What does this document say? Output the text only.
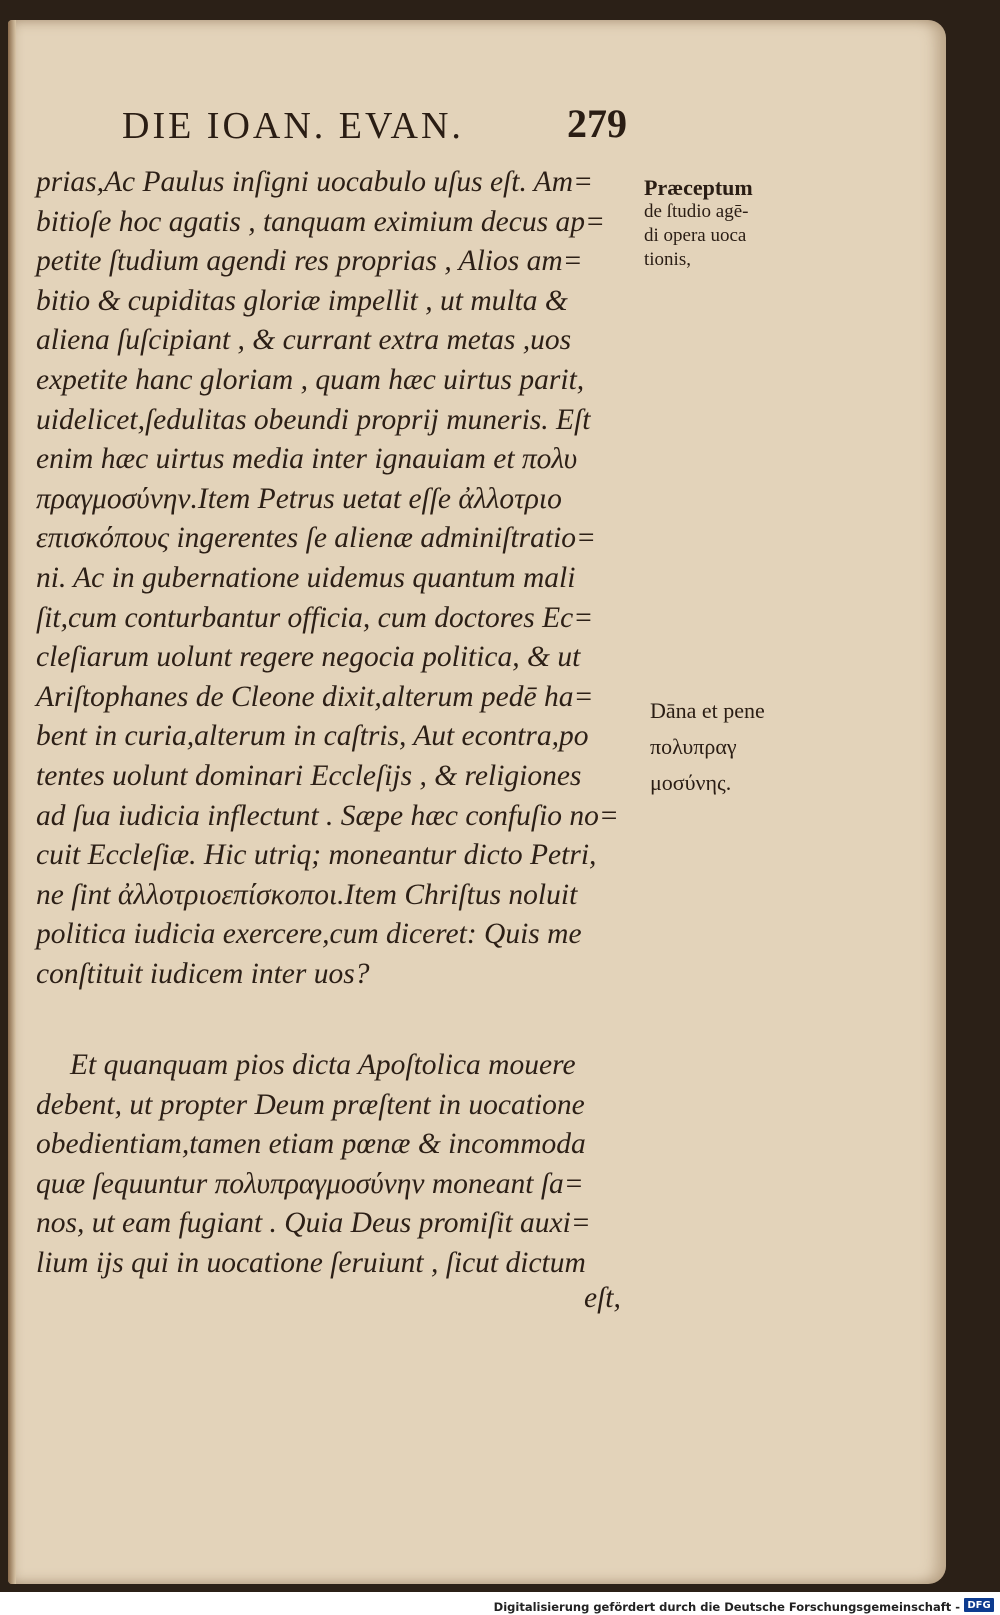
DIE IOAN. EVAN.	279

prias,Ac Paulus inſigni uocabulo uſus eſt. Am=
bitioſe hoc agatis , tanquam eximium decus ap=
petite ſtudium agendi res proprias , Alios am=
bitio & cupiditas gloriæ impellit , ut multa &
aliena ſuſcipiant , & currant extra metas ,uos
expetite hanc gloriam , quam hæc uirtus parit,
uidelicet,ſedulitas obeundi proprij muneris. Eſt
enim hæc uirtus media inter ignauiam et πολυ
πραγμοσύνην.Item Petrus uetat eſſe ἀλλοτριο
επισκόπους ingerentes ſe alienæ adminiſtratio=
ni. Ac in gubernatione uidemus quantum mali
ſit,cum conturbantur officia, cum doctores Ec=
cleſiarum uolunt regere negocia politica, & ut
Ariſtophanes de Cleone dixit,alterum pedē ha=
bent in curia,alterum in caſtris, Aut econtra,po
tentes uolunt dominari Eccleſijs , & religiones
ad ſua iudicia inflectunt . Sæpe hæc confuſio no=
cuit Eccleſiæ. Hic utriq; moneantur dicto Petri,
ne ſint ἀλλοτριοεπίσκοποι.Item Chriſtus noluit
politica iudicia exercere,cum diceret: Quis me
conſtituit iudicem inter uos?

Et quanquam pios dicta Apoſtolica mouere
debent, ut propter Deum præſtent in uocatione
obedientiam,tamen etiam pœnæ & incommoda
quæ ſequuntur πολυπραγμοσύνην moneant ſa=
nos, ut eam fugiant . Quia Deus promiſit auxi=
lium ijs qui in uocatione ſeruiunt , ſicut dictum

eſt,
Præceptum
de ſtudio agē-
di opera uoca
tionis,
Dāna et pene
πολυπραγ
μοσύνης.
Digitalisierung gefördert durch die Deutsche Forschungsgemeinschaft - DFG
